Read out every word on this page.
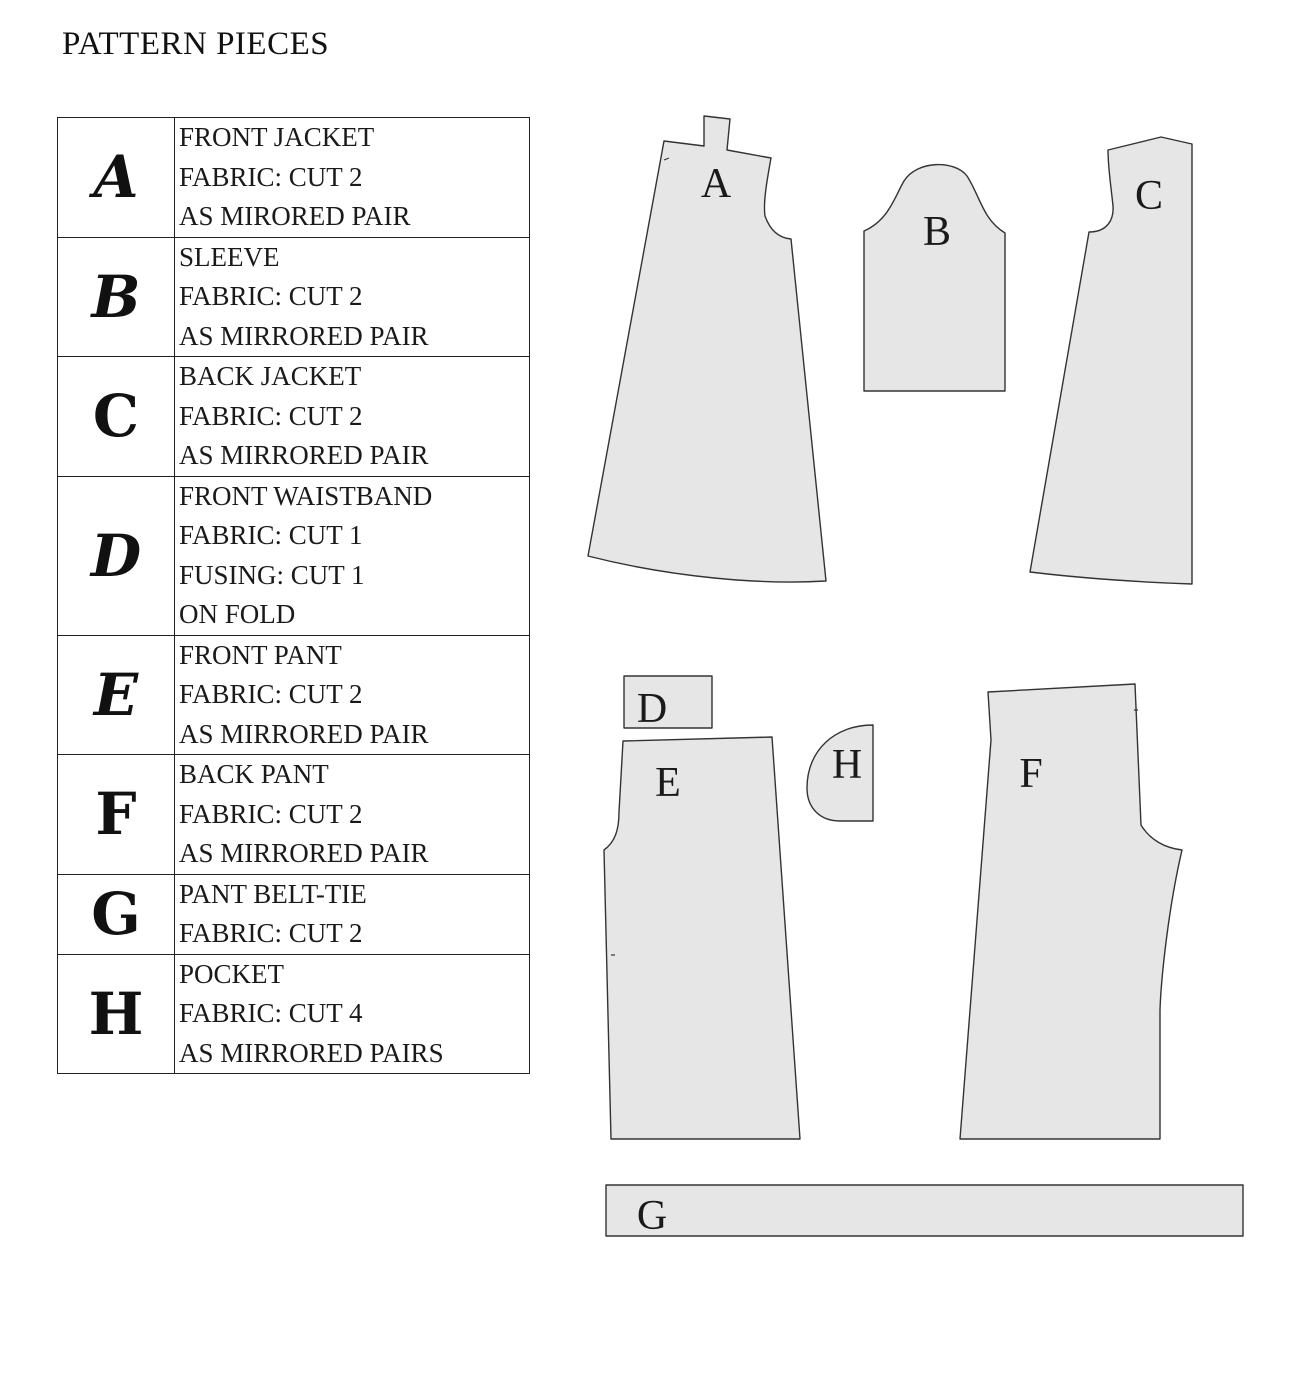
PATTERN PIECES
A	FRONT JACKET
FABRIC: CUT 2
AS MIRORED PAIR

B	SLEEVE
FABRIC: CUT 2
AS MIRRORED PAIR

C	BACK JACKET
FABRIC: CUT 2
AS MIRRORED PAIR

D	FRONT WAISTBAND
FABRIC: CUT 1
FUSING: CUT 1
ON FOLD

E	FRONT PANT
FABRIC: CUT 2
AS MIRRORED PAIR

F	BACK PANT
FABRIC: CUT 2
AS MIRRORED PAIR

G	PANT BELT-TIE
FABRIC: CUT 2

H	POCKET
FABRIC: CUT 4
AS MIRRORED PAIRS
A
B
C
D
E	H	F
G
